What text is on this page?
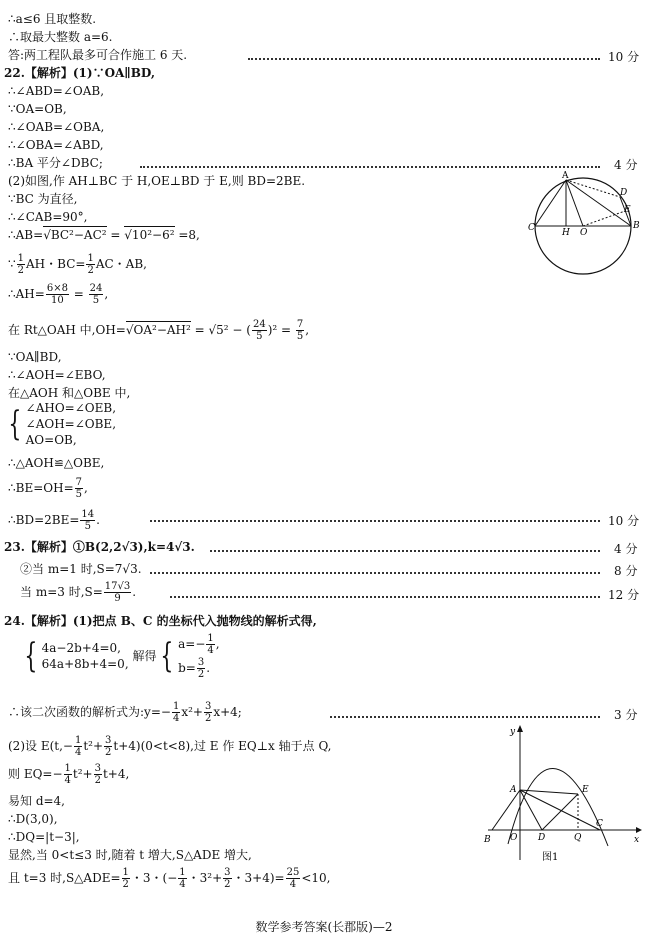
∴a≤6 且取整数.
∴取最大整数 a=6.
答:两工程队最多可合作施工 6 天.	10 分
22.【解析】(1)∵OA∥BD,
∴∠ABD=∠OAB,
∵OA=OB,
∴∠OAB=∠OBA,
∴∠OBA=∠ABD,
∴BA 平分∠DBC;	4 分
(2)如图,作 AH⊥BC 于 H,OE⊥BD 于 E,则 BD=2BE.
∵BC 为直径,
∴∠CAB=90°,
∴AB=√BC²−AC² = √10²−6² =8,
∵ $\frac{1}{2}$ AH・$BC= \frac{1}{2}$ AC・AB,
∴AH= $\frac{6\times 8}{10} = \frac{24}{5}$ ,
在 Rt△OAH 中,OH=√OA²−AH² = √5² − ( $\frac{24}{5} )^2 = \frac{7}{5}$ ,
∵OA∥BD,
∴∠AOH=∠EBO,
在△AOH 和△OBE 中,
{ ∠AHO=∠OEB,
∠AOH=∠OBE,
AO=OB,
∴△AOH≌△OBE,
∴BE=OH= $\frac{7}{5}$ ,
∴BD=2BE= $\frac{14}{5}$ .	10 分
A
D
E
C	H O
B
23.【解析】①B(2,2√3),k=4√3.	4 分
②当 m=1 时,S=7√3.	8 分
当 m=3 时$,S= \frac{17√3}{9}$ .	12 分
24.【解析】(1)把点 B、C 的坐标代入抛物线的解析式得,
{ 4a−2b+4=0,
64a+8b+4=0,
解得 { $a=- \frac{1}{4}$ ,
$b= \frac{3}{2}$ .
∴该二次函数的解析式为:y=− $\frac{1}{4} x^2+ \frac{3}{2} x+4$;	3 分
(2)设 $E(t,- \frac{1}{4} t^2+ \frac{3}{2} t+4)(0<t<8)$,过 E 作 EQ⊥x 轴于点 Q,
则 $EQ=- \frac{1}{4} t^2+ \frac{3}{2} t+4$,
易知 d=4,
∴D(3,0),
∴DQ=|t−3|,
显然,当 0<t≤3 时,随着 t 增大,S△ADE 增大,
且 t=3 时,S△ADE= $\frac{1}{2}$ ・3・(− $\frac{1}{4}$ ・$3^2+ \frac{3}{2}$ ・$3+4)= \frac{25}{4} <10$,
y
x
A	E
B O D	Q
C
图1
数学参考答案(长郡版)—2
